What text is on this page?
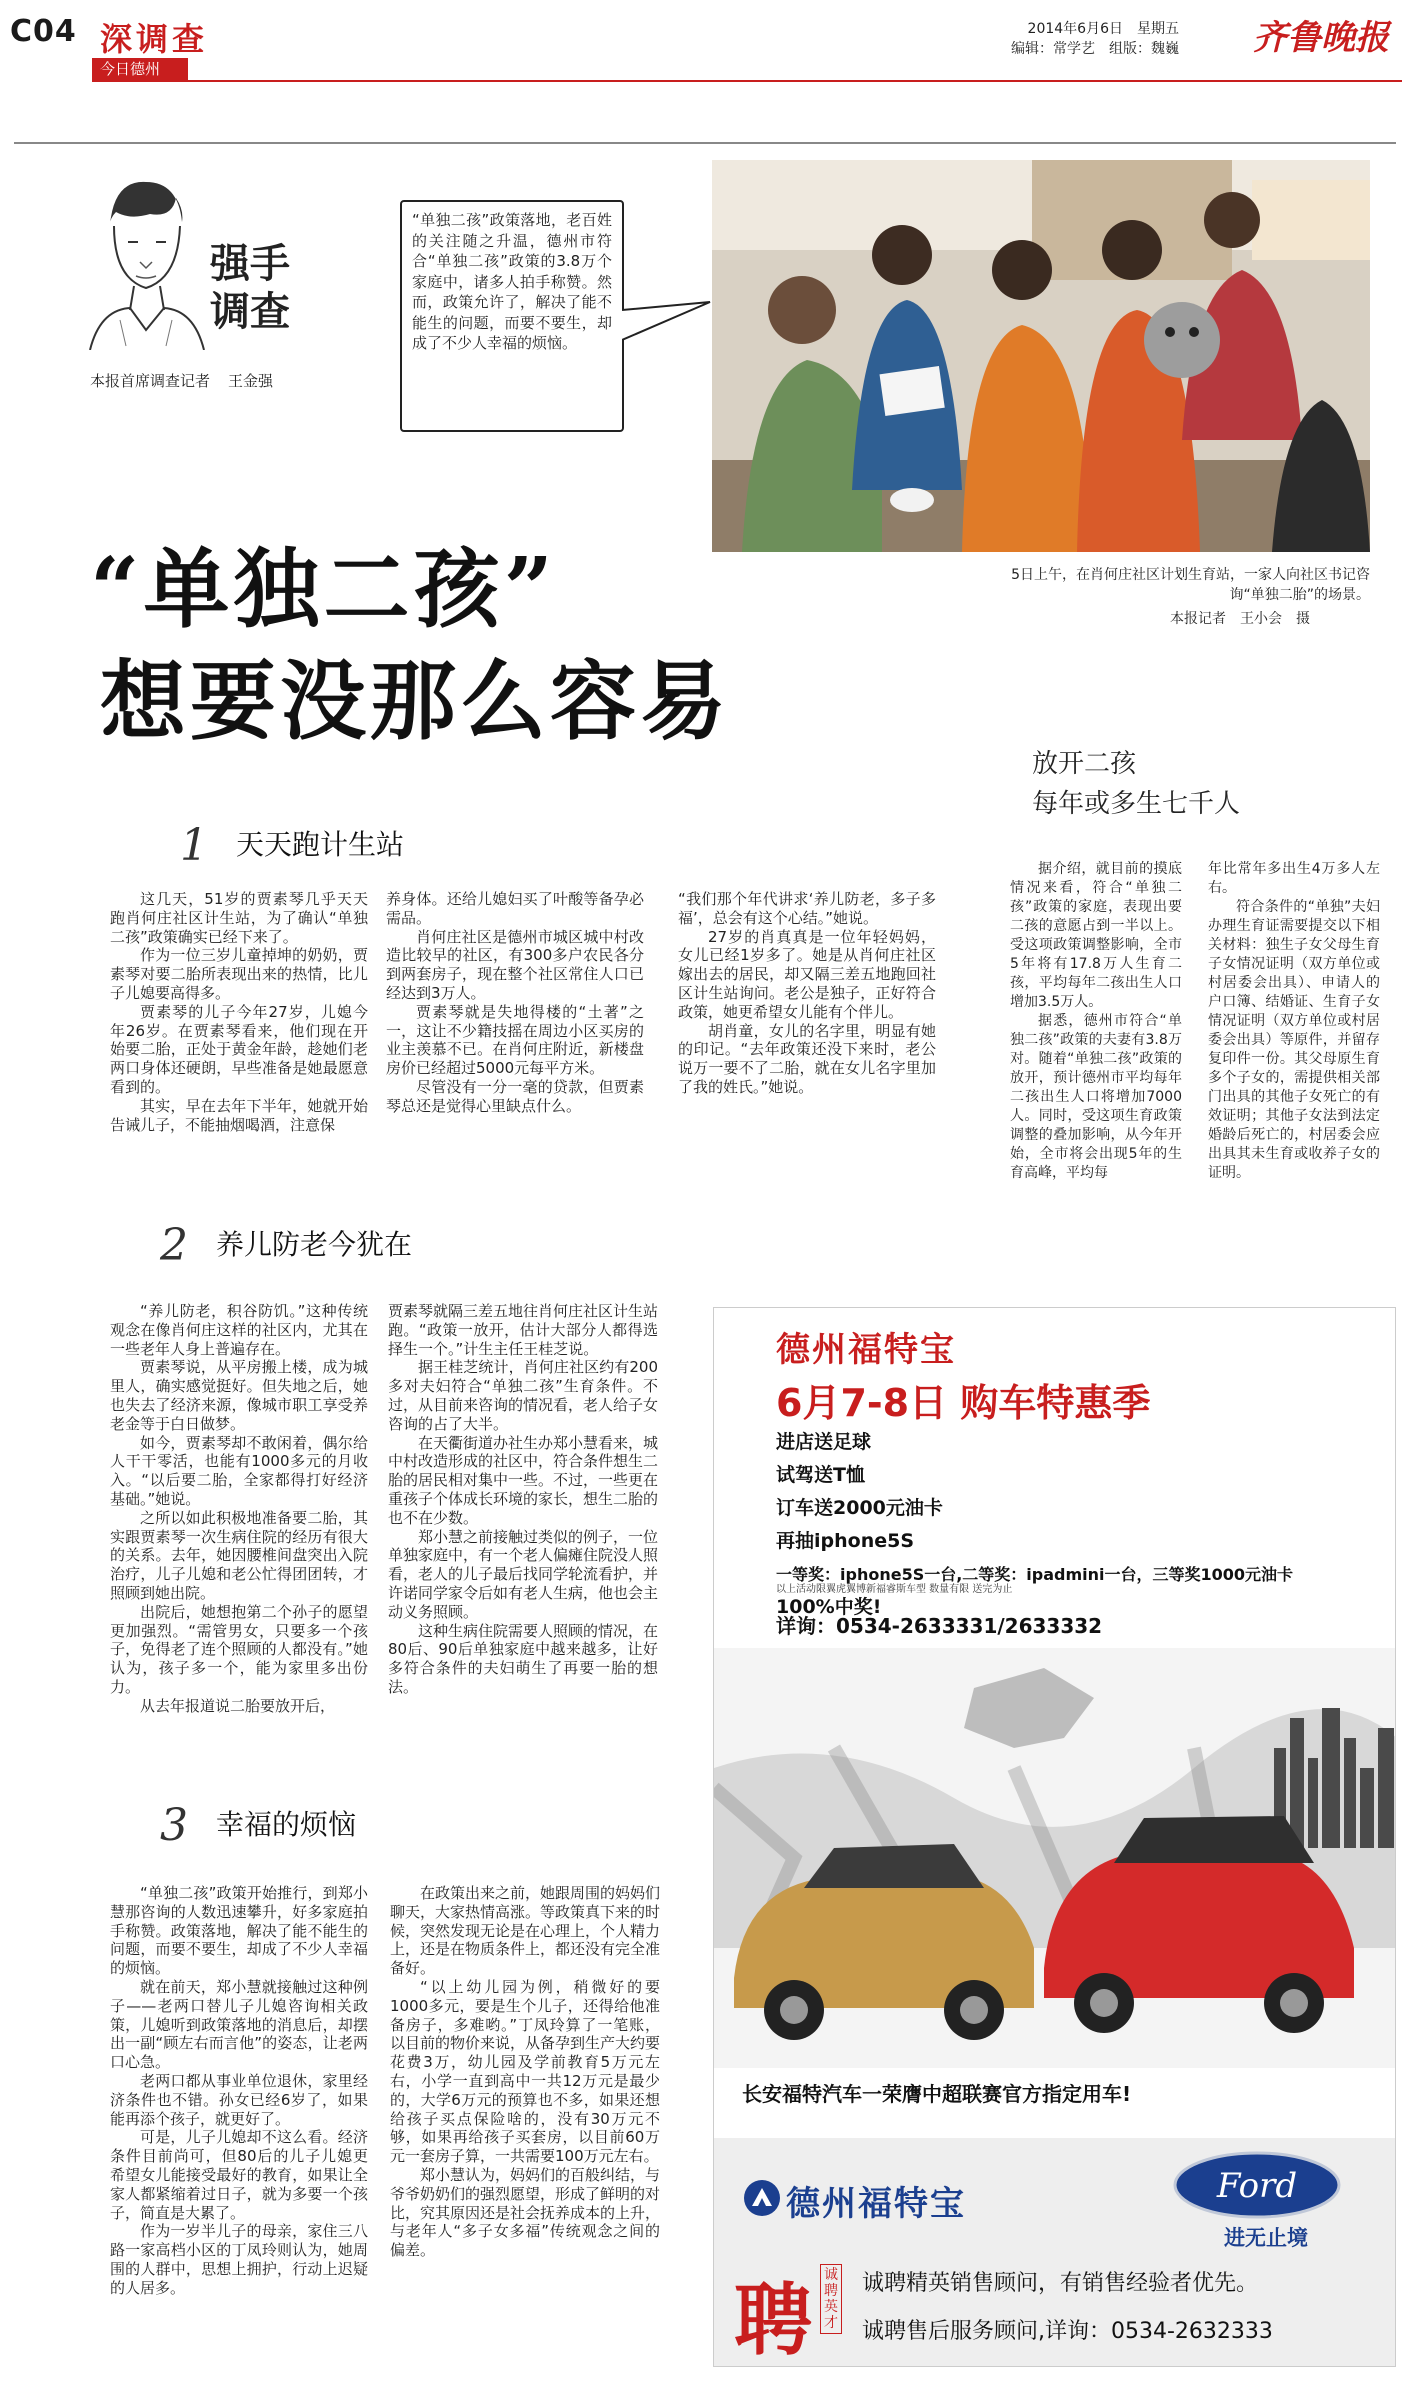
C04 深调查
今日德州
2014年6月6日　星期五
编辑：常学艺　组版：魏巍 齐鲁晚报
强手
调查
本报首席调查记者 王金强
“单独二孩”政策落地，老百姓的关注随之升温，德州市符合“单独二孩”政策的3.8万个家庭中，诸多人拍手称赞。然而，政策允许了，解决了能不能生的问题，而要不要生，却成了不少人幸福的烦恼。
5日上午，在肖何庄社区计划生育站，一家人向社区书记咨询“单独二胎”的场景。
本报记者　王小会　摄
“单独二孩”
想要没那么容易
放开二孩
每年或多生七千人

据介绍，就目前的摸底情况来看，符合“单独二孩”政策的家庭，表现出要二孩的意愿占到一半以上。受这项政策调整影响，全市5年将有17.8万人生育二孩，平均每年二孩出生人口增加3.5万人。

据悉，德州市符合“单独二孩”政策的夫妻有3.8万对。随着“单独二孩”政策的放开，预计德州市平均每年二孩出生人口将增加7000人。同时，受这项生育政策调整的叠加影响，从今年开始，全市将会出现5年的生育高峰，平均每

年比常年多出生4万多人左右。

符合条件的“单独”夫妇办理生育证需要提交以下相关材料：独生子女父母生育子女情况证明（双方单位或村居委会出具）、申请人的户口簿、结婚证、生育子女情况证明（双方单位或村居委会出具）等原件，并留存复印件一份。其父母原生育多个子女的，需提供相关部门出具的其他子女死亡的有效证明；其他子女法到法定婚龄后死亡的，村居委会应出具其未生育或收养子女的证明。

1 天天跑计生站

这几天，51岁的贾素琴几乎天天跑肖何庄社区计生站，为了确认“单独二孩”政策确实已经下来了。

作为一位三岁儿童掉坤的奶奶，贾素琴对要二胎所表现出来的热情，比儿子儿媳要高得多。

贾素琴的儿子今年27岁，儿媳今年26岁。在贾素琴看来，他们现在开始要二胎，正处于黄金年龄，趁她们老两口身体还硬朗，早些准备是她最愿意看到的。

其实，早在去年下半年，她就开始告诫儿子，不能抽烟喝酒，注意保

养身体。还给儿媳妇买了叶酸等备孕必需品。

肖何庄社区是德州市城区城中村改造比较早的社区，有300多户农民各分到两套房子，现在整个社区常住人口已经达到3万人。

贾素琴就是失地得楼的“土著”之一，这让不少籍技摇在周边小区买房的业主羡慕不已。在肖何庄附近，新楼盘房价已经超过5000元每平方米。

尽管没有一分一毫的贷款，但贾素琴总还是觉得心里缺点什么。

“我们那个年代讲求‘养儿防老，多子多福’，总会有这个心结。”她说。

27岁的肖真真是一位年轻妈妈，女儿已经1岁多了。她是从肖何庄社区嫁出去的居民，却又隔三差五地跑回社区计生站询问。老公是独子，正好符合政策，她更希望女儿能有个伴儿。

胡肖童，女儿的名字里，明显有她的印记。“去年政策还没下来时，老公说万一要不了二胎，就在女儿名字里加了我的姓氏。”她说。

2 养儿防老今犹在

“养儿防老，积谷防饥。”这种传统观念在像肖何庄这样的社区内，尤其在一些老年人身上普遍存在。

贾素琴说，从平房搬上楼，成为城里人，确实感觉挺好。但失地之后，她也失去了经济来源，像城市职工享受养老金等于白日做梦。

如今，贾素琴却不敢闲着，偶尔给人干干零活，也能有1000多元的月收入。“以后要二胎，全家都得打好经济基础。”她说。

之所以如此积极地准备要二胎，其实跟贾素琴一次生病住院的经历有很大的关系。去年，她因腰椎间盘突出入院治疗，儿子儿媳和老公忙得团团转，才照顾到她出院。

出院后，她想抱第二个孙子的愿望更加强烈。“需管男女，只要多一个孩子，免得老了连个照顾的人都没有。”她认为，孩子多一个，能为家里多出份力。

从去年报道说二胎要放开后，

贾素琴就隔三差五地往肖何庄社区计生站跑。“政策一放开，估计大部分人都得选择生一个。”计生主任王桂芝说。

据王桂芝统计，肖何庄社区约有200多对夫妇符合“单独二孩”生育条件。不过，从目前来咨询的情况看，老人给子女咨询的占了大半。

在天衢街道办社生办郑小慧看来，城中村改造形成的社区中，符合条件想生二胎的居民相对集中一些。不过，一些更在重孩子个体成长环境的家长，想生二胎的也不在少数。

郑小慧之前接触过类似的例子，一位单独家庭中，有一个老人偏瘫住院没人照看，老人的儿子最后找同学轮流看护，并许诺同学家令后如有老人生病，他也会主动义务照顾。

这种生病住院需要人照顾的情况，在80后、90后单独家庭中越来越多，让好多符合条件的夫妇萌生了再要一胎的想法。

3 幸福的烦恼

“单独二孩”政策开始推行，到郑小慧那咨询的人数迅速攀升，好多家庭拍手称赞。政策落地，解决了能不能生的问题，而要不要生，却成了不少人幸福的烦恼。

就在前天，郑小慧就接触过这种例子——老两口替儿子儿媳咨询相关政策，儿媳听到政策落地的消息后，却摆出一副“顾左右而言他”的姿态，让老两口心急。

老两口都从事业单位退休，家里经济条件也不错。孙女已经6岁了，如果能再添个孩子，就更好了。

可是，儿子儿媳却不这么看。经济条件目前尚可，但80后的儿子儿媳更希望女儿能接受最好的教育，如果让全家人都紧缩着过日子，就为多要一个孩子，简直是大累了。

作为一岁半儿子的母亲，家住三八路一家高档小区的丁凤玲则认为，她周围的人群中，思想上拥护，行动上迟疑的人居多。

在政策出来之前，她跟周围的妈妈们聊天，大家热情高涨。等政策真下来的时候，突然发现无论是在心理上，个人精力上，还是在物质条件上，都还没有完全准备好。

“以上幼儿园为例，稍微好的要1000多元，要是生个儿子，还得给他准备房子，多难哟。”丁凤玲算了一笔账，以目前的物价来说，从备孕到生产大约要花费3万，幼儿园及学前教育5万元左右，小学一直到高中一共12万元是最少的，大学6万元的预算也不多，如果还想给孩子买点保险啥的，没有30万元不够，如果再给孩子买套房，以目前60万元一套房子算，一共需要100万元左右。

郑小慧认为，妈妈们的百般纠结，与爷爷奶奶们的强烈愿望，形成了鲜明的对比，究其原因还是社会抚养成本的上升，与老年人“多子女多福”传统观念之间的偏差。

德州福特宝
6月7-8日 购车特惠季
进店送足球
试驾送T恤
订车送2000元油卡
再抽iphone5S
一等奖：iphone5S一台,二等奖：ipadmini一台，三等奖1000元油卡
100%中奖!
以上活动限翼虎翼博新福睿斯车型 数量有限 送完为止
详询：0534-2633331/2633332
长安福特汽车一荣膺中超联赛官方指定用车!
德州福特宝	Ford
进无止境
聘 诚聘英才
诚聘精英销售顾问，有销售经验者优先。
诚聘售后服务顾问,详询：0534-2632333
